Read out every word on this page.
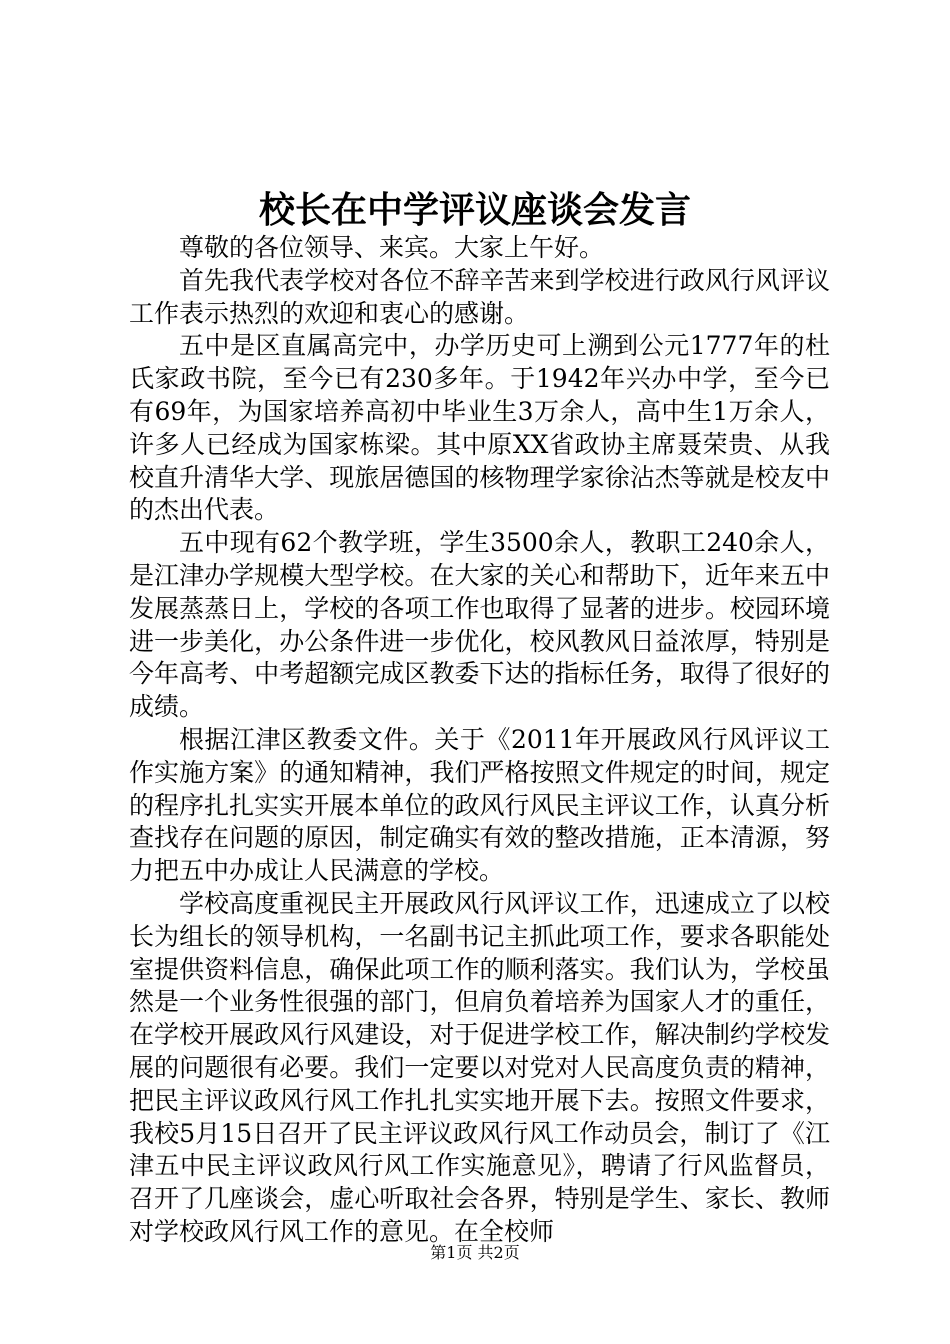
校长在中学评议座谈会发言

尊敬的各位领导、来宾。大家上午好。

首先我代表学校对各位不辞辛苦来到学校进行政风行风评议工作表示热烈的欢迎和衷心的感谢。

五中是区直属高完中，办学历史可上溯到公元1777年的杜氏家政书院，至今已有230多年。于1942年兴办中学，至今已有69年，为国家培养高初中毕业生3万余人，高中生1万余人，许多人已经成为国家栋梁。其中原XX省政协主席聂荣贵、从我校直升清华大学、现旅居德国的核物理学家徐沾杰等就是校友中的杰出代表。

五中现有62个教学班，学生3500余人，教职工240余人，是江津办学规模大型学校。在大家的关心和帮助下，近年来五中发展蒸蒸日上，学校的各项工作也取得了显著的进步。校园环境进一步美化，办公条件进一步优化，校风教风日益浓厚，特别是今年高考、中考超额完成区教委下达的指标任务，取得了很好的成绩。

根据江津区教委文件。关于《2011年开展政风行风评议工作实施方案》的通知精神，我们严格按照文件规定的时间，规定的程序扎扎实实开展本单位的政风行风民主评议工作，认真分析查找存在问题的原因，制定确实有效的整改措施，正本清源，努力把五中办成让人民满意的学校。

学校高度重视民主开展政风行风评议工作，迅速成立了以校长为组长的领导机构，一名副书记主抓此项工作，要求各职能处室提供资料信息，确保此项工作的顺利落实。我们认为，学校虽然是一个业务性很强的部门，但肩负着培养为国家人才的重任，在学校开展政风行风建设，对于促进学校工作，解决制约学校发展的问题很有必要。我们一定要以对党对人民高度负责的精神，把民主评议政风行风工作扎扎实实地开展下去。按照文件要求，我校5月15日召开了民主评议政风行风工作动员会，制订了《江津五中民主评议政风行风工作实施意见》，聘请了行风监督员，召开了几座谈会，虚心听取社会各界，特别是学生、家长、教师对学校政风行风工作的意见。在全校师

第1页 共2页
